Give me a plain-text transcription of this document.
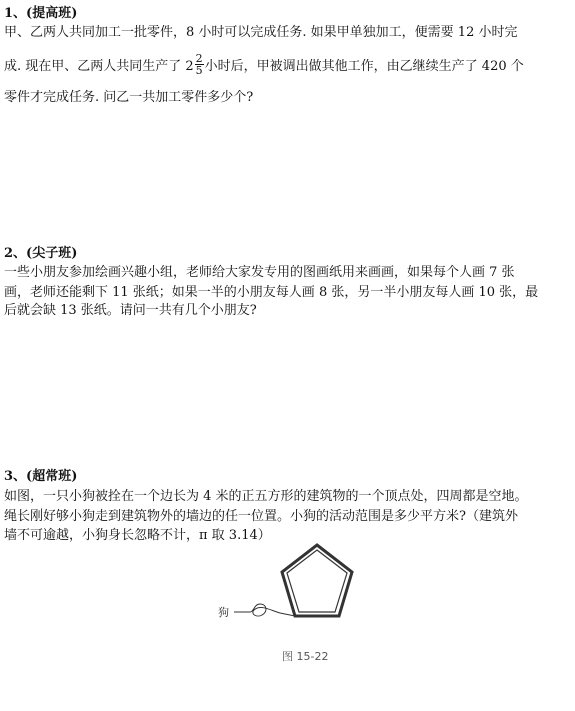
1、(提高班)
甲、乙两人共同加工一批零件，8 小时可以完成任务. 如果甲单独加工，便需要 12 小时完
成. 现在甲、乙两人共同生产了 $2 \frac{2}{5}$ 小时后，甲被调出做其他工作，由乙继续生产了 420 个
零件才完成任务. 问乙一共加工零件多少个?
2、(尖子班)
一些小朋友参加绘画兴趣小组，老师给大家发专用的图画纸用来画画，如果每个人画 7 张
画，老师还能剩下 11 张纸；如果一半的小朋友每人画 8 张，另一半小朋友每人画 10 张，最
后就会缺 13 张纸。请问一共有几个小朋友?
3、(超常班)
如图，一只小狗被拴在一个边长为 4 米的正五方形的建筑物的一个顶点处，四周都是空地。
绳长刚好够小狗走到建筑物外的墙边的任一位置。小狗的活动范围是多少平方米?（建筑外
墙不可逾越，小狗身长忽略不计，π 取 3.14）
狗
图 15-22
